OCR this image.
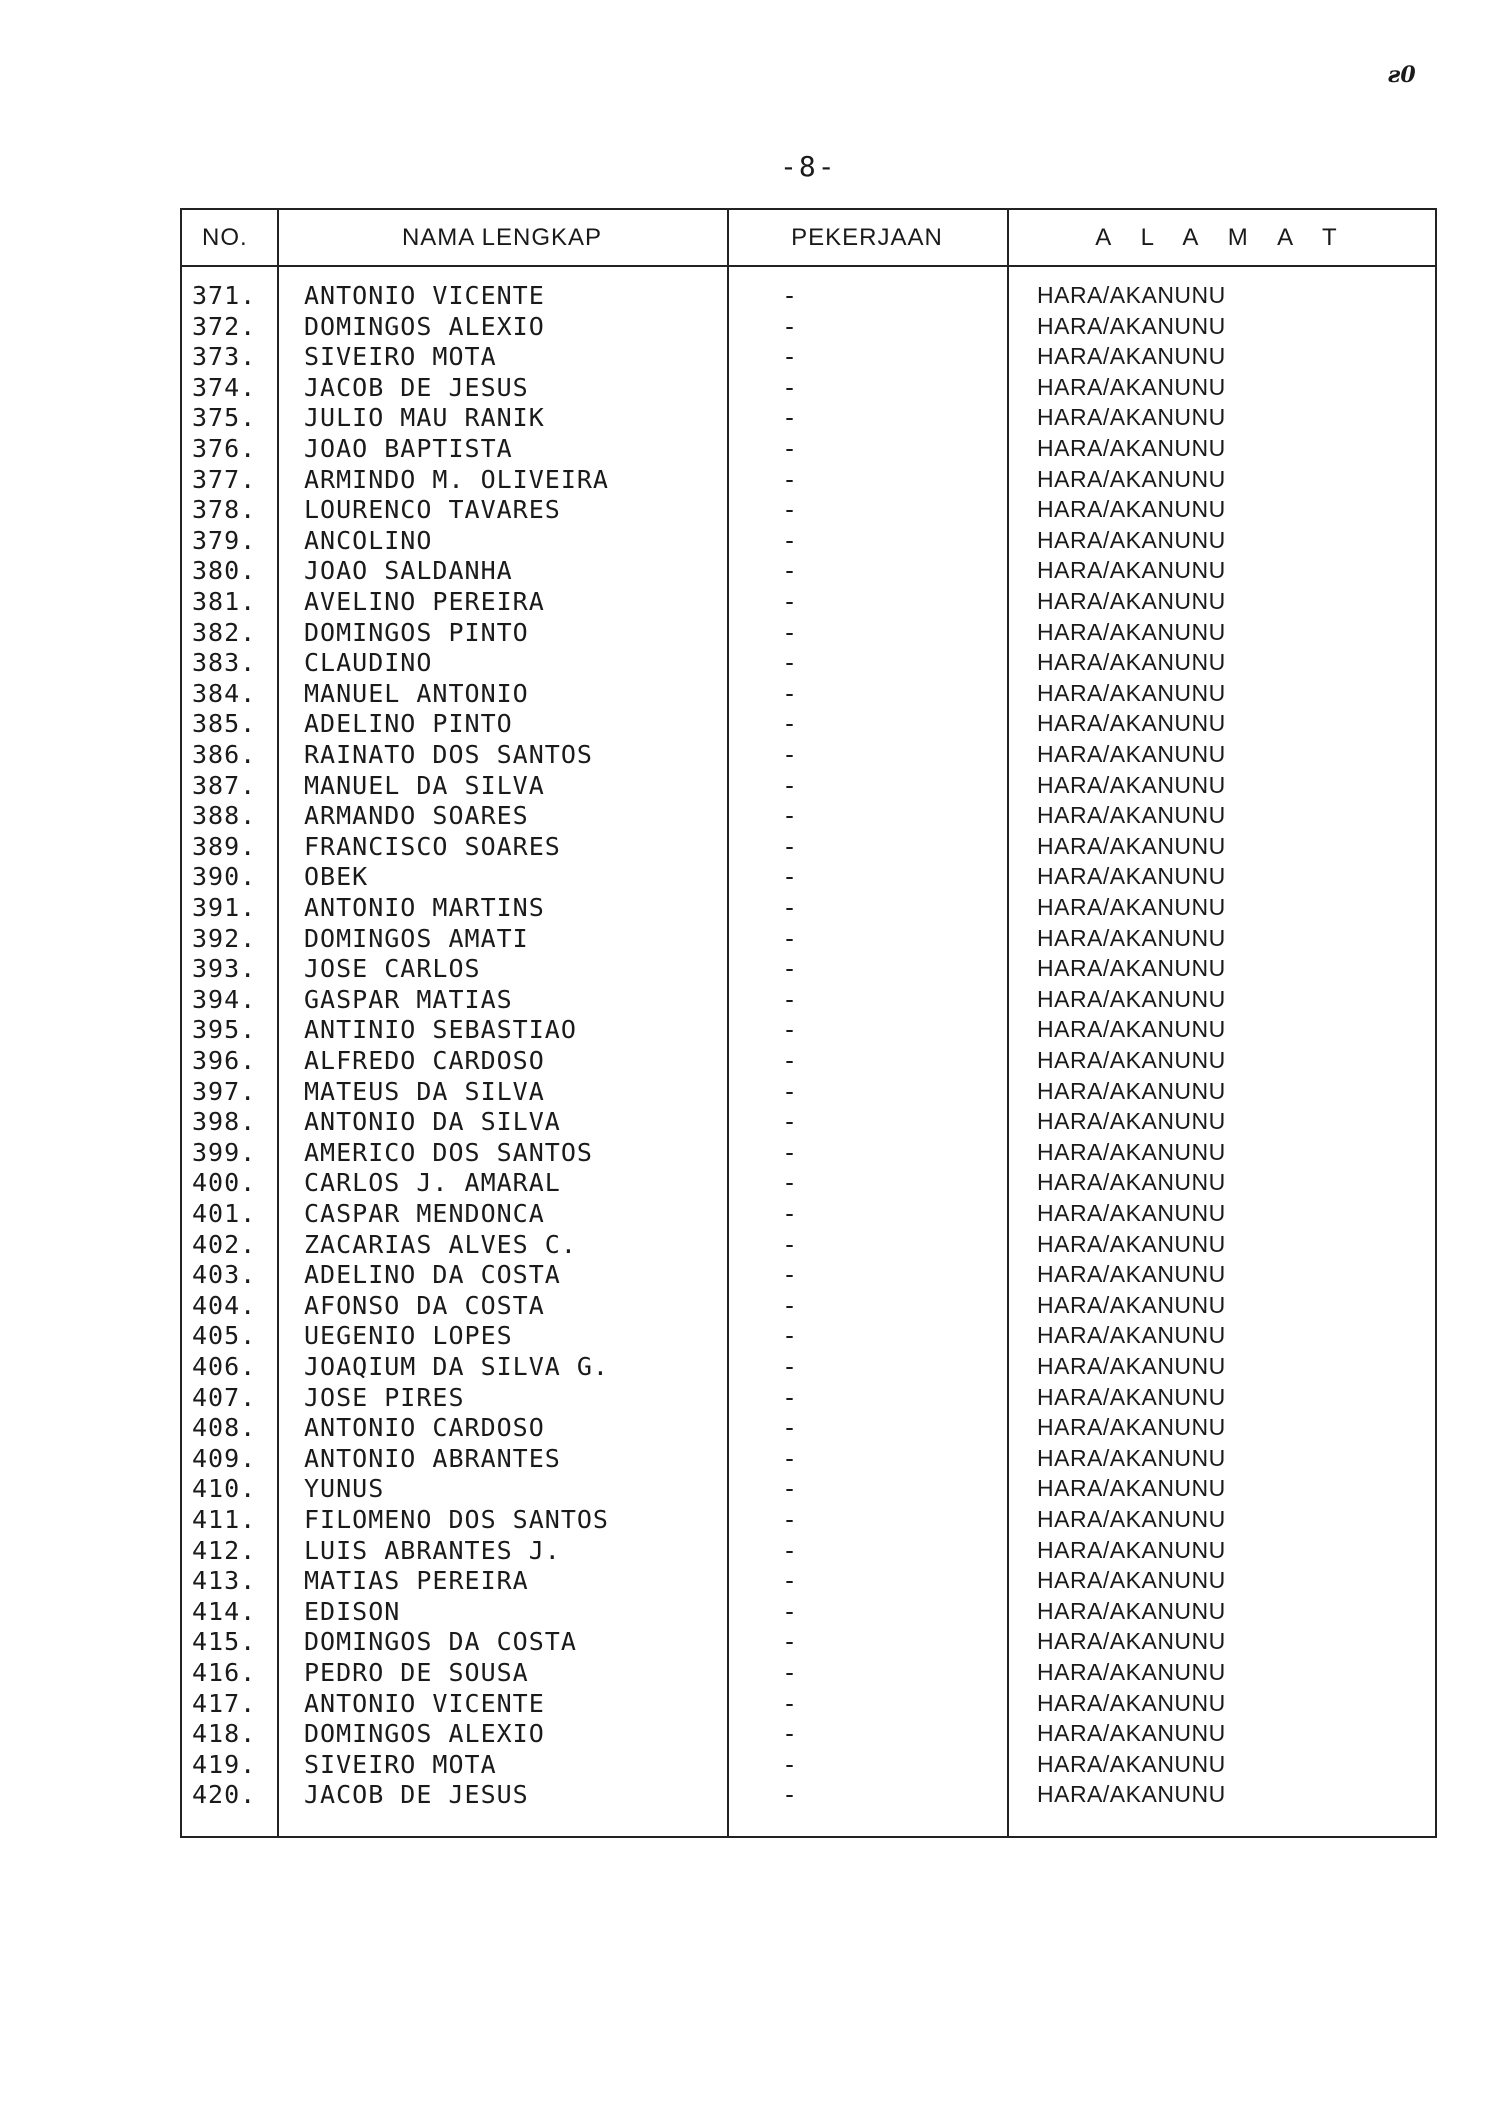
ƨ0
-8-
NO.	NAMA LENGKAP	PEKERJAAN	A L A M A T
371. ANTONIO VICENTE	-	HARA/AKANUNU
372. DOMINGOS ALEXIO	-	HARA/AKANUNU
373. SIVEIRO MOTA	-	HARA/AKANUNU
374. JACOB DE JESUS	-	HARA/AKANUNU
375. JULIO MAU RANIK	-	HARA/AKANUNU
376. JOAO BAPTISTA	-	HARA/AKANUNU
377. ARMINDO M. OLIVEIRA	-	HARA/AKANUNU
378. LOURENCO TAVARES	-	HARA/AKANUNU
379. ANCOLINO	-	HARA/AKANUNU
380. JOAO SALDANHA	-	HARA/AKANUNU
381. AVELINO PEREIRA	-	HARA/AKANUNU
382. DOMINGOS PINTO	-	HARA/AKANUNU
383. CLAUDINO	-	HARA/AKANUNU
384. MANUEL ANTONIO	-	HARA/AKANUNU
385. ADELINO PINTO	-	HARA/AKANUNU
386. RAINATO DOS SANTOS	-	HARA/AKANUNU
387. MANUEL DA SILVA	-	HARA/AKANUNU
388. ARMANDO SOARES	-	HARA/AKANUNU
389. FRANCISCO SOARES	-	HARA/AKANUNU
390. OBEK	-	HARA/AKANUNU
391. ANTONIO MARTINS	-	HARA/AKANUNU
392. DOMINGOS AMATI	-	HARA/AKANUNU
393. JOSE CARLOS	-	HARA/AKANUNU
394. GASPAR MATIAS	-	HARA/AKANUNU
395. ANTINIO SEBASTIAO	-	HARA/AKANUNU
396. ALFREDO CARDOSO	-	HARA/AKANUNU
397. MATEUS DA SILVA	-	HARA/AKANUNU
398. ANTONIO DA SILVA	-	HARA/AKANUNU
399. AMERICO DOS SANTOS	-	HARA/AKANUNU
400. CARLOS J. AMARAL	-	HARA/AKANUNU
401. CASPAR MENDONCA	-	HARA/AKANUNU
402. ZACARIAS ALVES C.	-	HARA/AKANUNU
403. ADELINO DA COSTA	-	HARA/AKANUNU
404. AFONSO DA COSTA	-	HARA/AKANUNU
405. UEGENIO LOPES	-	HARA/AKANUNU
406. JOAQIUM DA SILVA G.	-	HARA/AKANUNU
407. JOSE PIRES	-	HARA/AKANUNU
408. ANTONIO CARDOSO	-	HARA/AKANUNU
409. ANTONIO ABRANTES	-	HARA/AKANUNU
410. YUNUS	-	HARA/AKANUNU
411. FILOMENO DOS SANTOS	-	HARA/AKANUNU
412. LUIS ABRANTES J.	-	HARA/AKANUNU
413. MATIAS PEREIRA	-	HARA/AKANUNU
414. EDISON	-	HARA/AKANUNU
415. DOMINGOS DA COSTA	-	HARA/AKANUNU
416. PEDRO DE SOUSA	-	HARA/AKANUNU
417. ANTONIO VICENTE	-	HARA/AKANUNU
418. DOMINGOS ALEXIO	-	HARA/AKANUNU
419. SIVEIRO MOTA	-	HARA/AKANUNU
420. JACOB DE JESUS	-	HARA/AKANUNU
